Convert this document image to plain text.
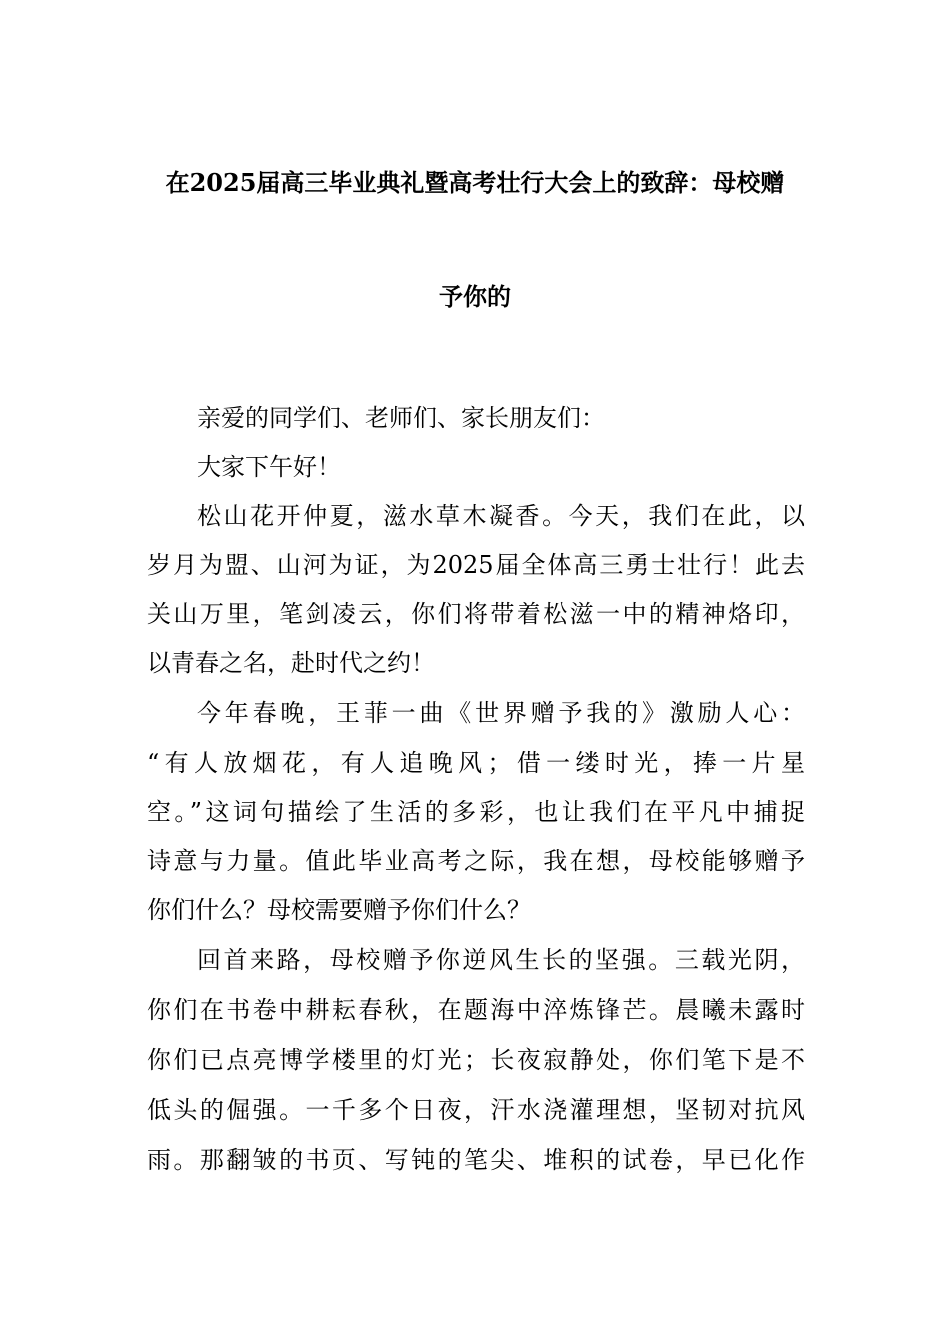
在2025届高三毕业典礼暨高考壮行大会上的致辞：母校赠
予你的
亲爱的同学们、老师们、家长朋友们：
大家下午好！
松山花开仲夏，滋水草木凝香。今天，我们在此，以
岁月为盟、山河为证，为2025届全体高三勇士壮行！此去
关山万里，笔剑凌云，你们将带着松滋一中的精神烙印，
以青春之名，赴时代之约！
今年春晚，王菲一曲《世界赠予我的》激励人心：
“有人放烟花，有人追晚风；借一缕时光，捧一片星
空。”这词句描绘了生活的多彩，也让我们在平凡中捕捉
诗意与力量。值此毕业高考之际，我在想，母校能够赠予
你们什么？母校需要赠予你们什么？
回首来路，母校赠予你逆风生长的坚强。三载光阴，
你们在书卷中耕耘春秋，在题海中淬炼锋芒。晨曦未露时
你们已点亮博学楼里的灯光；长夜寂静处，你们笔下是不
低头的倔强。一千多个日夜，汗水浇灌理想，坚韧对抗风
雨。那翻皱的书页、写钝的笔尖、堆积的试卷，早已化作
